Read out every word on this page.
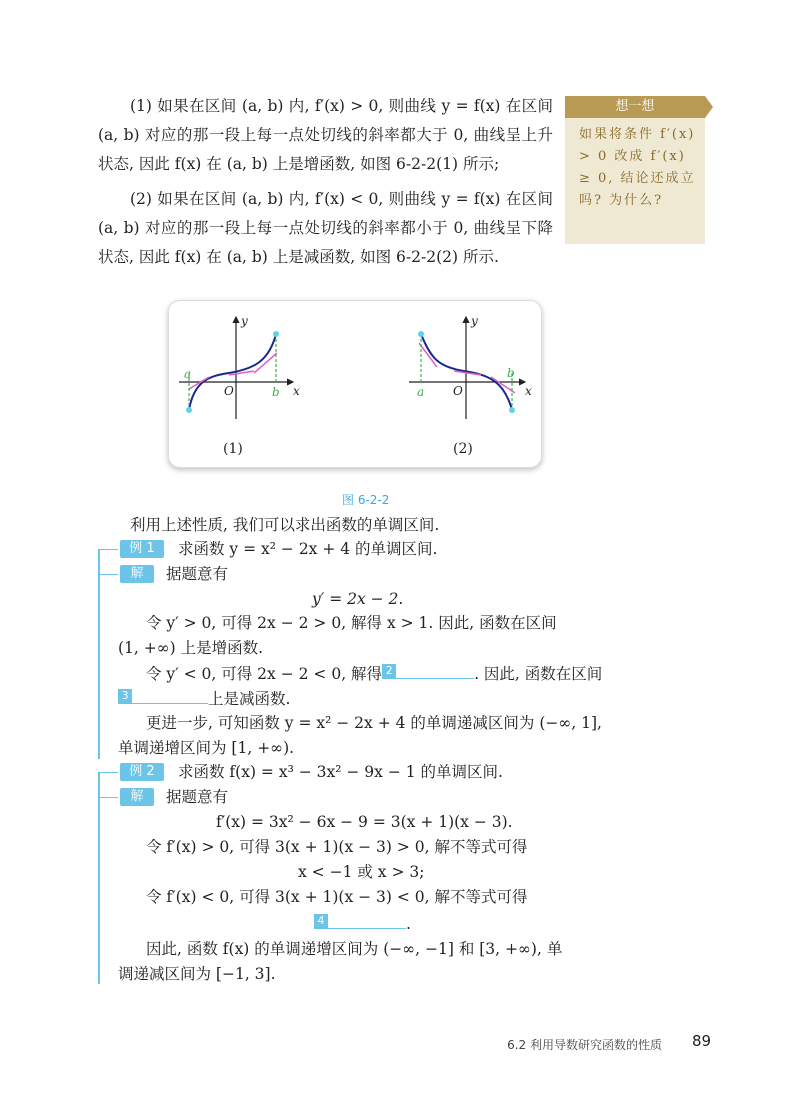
(1) 如果在区间 (a, b) 内, f′(x) > 0, 则曲线 y = f(x) 在区间 (a, b) 对应的那一段上每一点处切线的斜率都大于 0, 曲线呈上升状态, 因此 f(x) 在 (a, b) 上是增函数, 如图 6-2-2(1) 所示;
(2) 如果在区间 (a, b) 内, f′(x) < 0, 则曲线 y = f(x) 在区间 (a, b) 对应的那一段上每一点处切线的斜率都小于 0, 曲线呈下降状态, 因此 f(x) 在 (a, b) 上是减函数, 如图 6-2-2(2) 所示.
想一想
如果将条件 f′(x) > 0 改成 f′(x) ≥ 0, 结论还成立吗? 为什么?
a
b
O	x
y
(1)
a
b
O	x
y
(2)
图 6-2-2
利用上述性质, 我们可以求出函数的单调区间.
例 1	求函数 y = x² − 2x + 4 的单调区间.
解	据题意有
y′ = 2x − 2.
令 y′ > 0, 可得 2x − 2 > 0, 解得 x > 1. 因此, 函数在区间
(1, +∞) 上是增函数.
令 y′ < 0, 可得 2x − 2 < 0, 解得 2	. 因此, 函数在区间
3	上是减函数.
更进一步, 可知函数 y = x² − 2x + 4 的单调递减区间为 (−∞, 1],
单调递增区间为 [1, +∞).
例 2	求函数 f(x) = x³ − 3x² − 9x − 1 的单调区间.
解	据题意有
f′(x) = 3x² − 6x − 9 = 3(x + 1)(x − 3).
令 f′(x) > 0, 可得 3(x + 1)(x − 3) > 0, 解不等式可得
x < −1 或 x > 3;
令 f′(x) < 0, 可得 3(x + 1)(x − 3) < 0, 解不等式可得
4	.
因此, 函数 f(x) 的单调递增区间为 (−∞, −1] 和 [3, +∞), 单
调递减区间为 [−1, 3].
6.2 利用导数研究函数的性质 89
